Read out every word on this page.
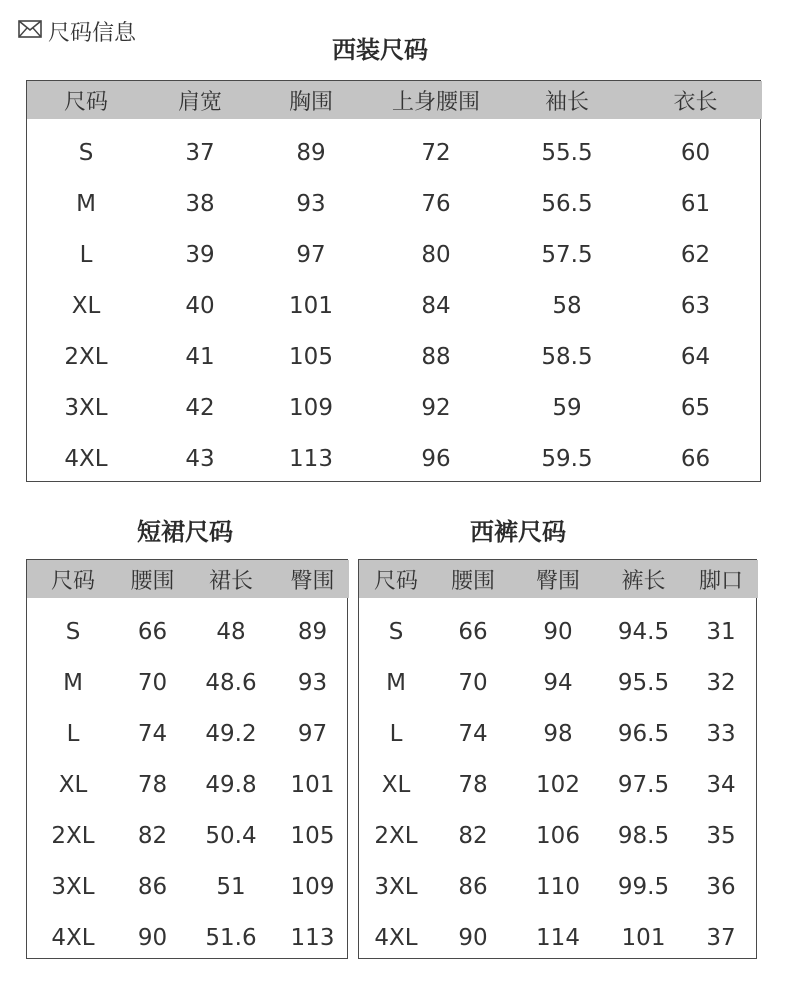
尺码信息
西装尺码
尺码	肩宽	胸围	上身腰围	袖长	衣长
S	37	89	72	55.5	60
M	38	93	76	56.5	61
L	39	97	80	57.5	62
XL	40	101	84	58	63
2XL	41	105	88	58.5	64
3XL	42	109	92	59	65
4XL	43	113	96	59.5	66
短裙尺码
尺码	腰围	裙长	臀围
S	66	48	89
M	70	48.6	93
L	74	49.2	97
XL	78	49.8	101
2XL	82	50.4	105
3XL	86	51	109
4XL	90	51.6	113
西裤尺码
尺码	腰围	臀围	裤长	脚口
S	66	90	94.5	31
M	70	94	95.5	32
L	74	98	96.5	33
XL	78	102	97.5	34
2XL	82	106	98.5	35
3XL	86	110	99.5	36
4XL	90	114	101	37
